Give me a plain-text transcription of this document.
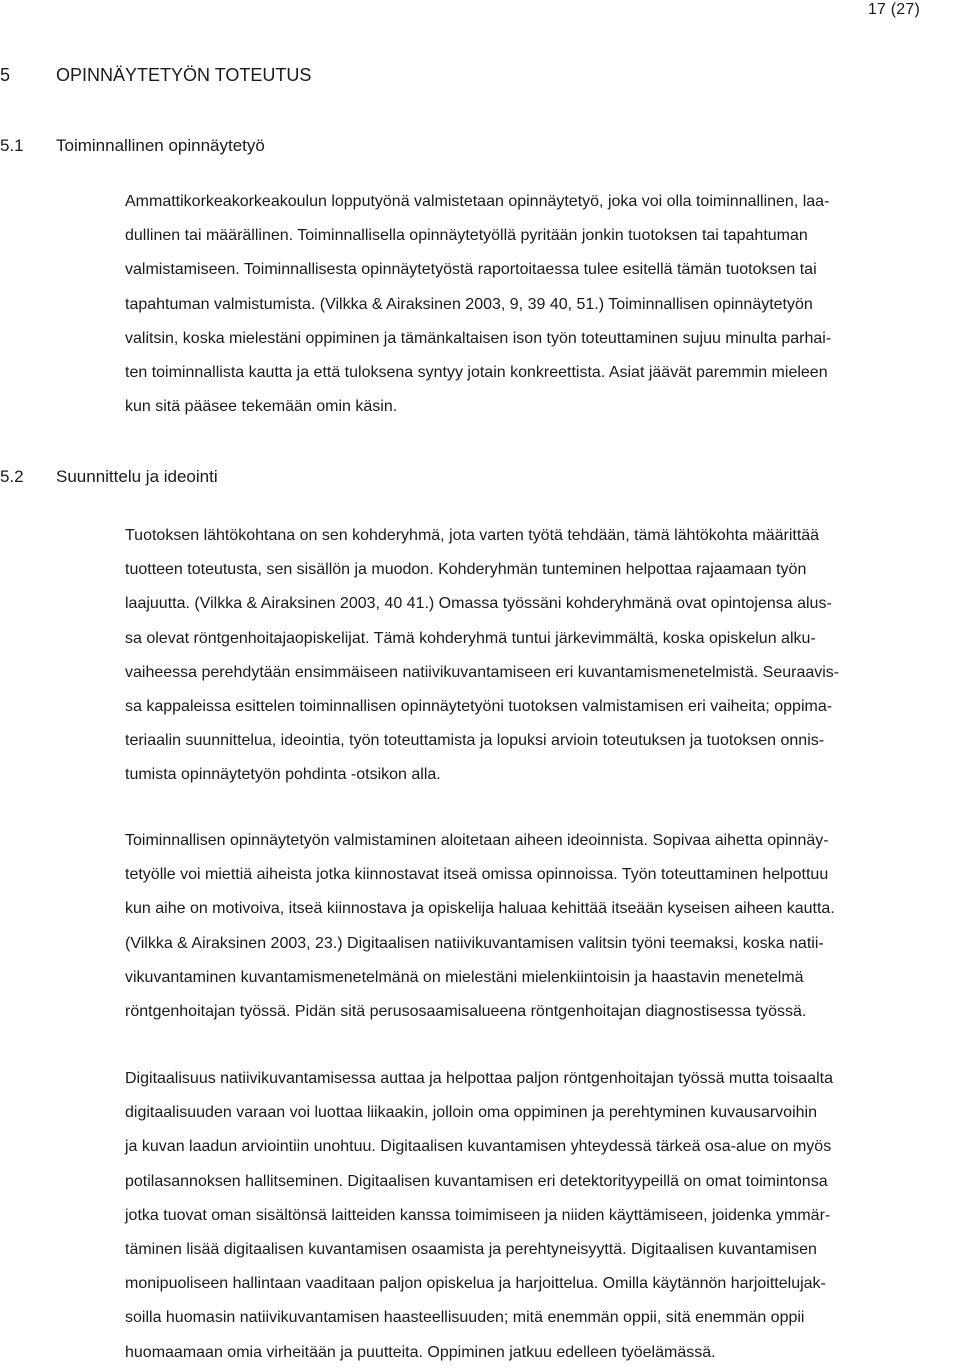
17 (27)
5	OPINNÄYTETYÖN TOTEUTUS
5.1 Toiminnallinen opinnäytetyö
Ammattikorkeakorkeakoulun lopputyönä valmistetaan opinnäytetyö, joka voi olla toiminnallinen, laa-
dullinen tai määrällinen. Toiminnallisella opinnäytetyöllä pyritään jonkin tuotoksen tai tapahtuman
valmistamiseen. Toiminnallisesta opinnäytetyöstä raportoitaessa tulee esitellä tämän tuotoksen tai
tapahtuman valmistumista. (Vilkka & Airaksinen 2003, 9, 39 40, 51.) Toiminnallisen opinnäytetyön
valitsin, koska mielestäni oppiminen ja tämänkaltaisen ison työn toteuttaminen sujuu minulta parhai-
ten toiminnallista kautta ja että tuloksena syntyy jotain konkreettista. Asiat jäävät paremmin mieleen
kun sitä pääsee tekemään omin käsin.
5.2 Suunnittelu ja ideointi
Tuotoksen lähtökohtana on sen kohderyhmä, jota varten työtä tehdään, tämä lähtökohta määrittää
tuotteen toteutusta, sen sisällön ja muodon. Kohderyhmän tunteminen helpottaa rajaamaan työn
laajuutta. (Vilkka & Airaksinen 2003, 40 41.) Omassa työssäni kohderyhmänä ovat opintojensa alus-
sa olevat röntgenhoitajaopiskelijat. Tämä kohderyhmä tuntui järkevimmältä, koska opiskelun alku-
vaiheessa perehdytään ensimmäiseen natiivikuvantamiseen eri kuvantamismenetelmistä. Seuraavis-
sa kappaleissa esittelen toiminnallisen opinnäytetyöni tuotoksen valmistamisen eri vaiheita; oppima-
teriaalin suunnittelua, ideointia, työn toteuttamista ja lopuksi arvioin toteutuksen ja tuotoksen onnis-
tumista opinnäytetyön pohdinta -otsikon alla.
Toiminnallisen opinnäytetyön valmistaminen aloitetaan aiheen ideoinnista. Sopivaa aihetta opinnäy-
tetyölle voi miettiä aiheista jotka kiinnostavat itseä omissa opinnoissa. Työn toteuttaminen helpottuu
kun aihe on motivoiva, itseä kiinnostava ja opiskelija haluaa kehittää itseään kyseisen aiheen kautta.
(Vilkka & Airaksinen 2003, 23.) Digitaalisen natiivikuvantamisen valitsin työni teemaksi, koska natii-
vikuvantaminen kuvantamismenetelmänä on mielestäni mielenkiintoisin ja haastavin menetelmä
röntgenhoitajan työssä. Pidän sitä perusosaamisalueena röntgenhoitajan diagnostisessa työssä.
Digitaalisuus natiivikuvantamisessa auttaa ja helpottaa paljon röntgenhoitajan työssä mutta toisaalta
digitaalisuuden varaan voi luottaa liikaakin, jolloin oma oppiminen ja perehtyminen kuvausarvoihin
ja kuvan laadun arviointiin unohtuu. Digitaalisen kuvantamisen yhteydessä tärkeä osa-alue on myös
potilasannoksen hallitseminen. Digitaalisen kuvantamisen eri detektorityypeillä on omat toimintonsa
jotka tuovat oman sisältönsä laitteiden kanssa toimimiseen ja niiden käyttämiseen, joidenka ymmär-
täminen lisää digitaalisen kuvantamisen osaamista ja perehtyneisyyttä. Digitaalisen kuvantamisen
monipuoliseen hallintaan vaaditaan paljon opiskelua ja harjoittelua. Omilla käytännön harjoittelujak-
soilla huomasin natiivikuvantamisen haasteellisuuden; mitä enemmän oppii, sitä enemmän oppii
huomaamaan omia virheitään ja puutteita. Oppiminen jatkuu edelleen työelämässä.
